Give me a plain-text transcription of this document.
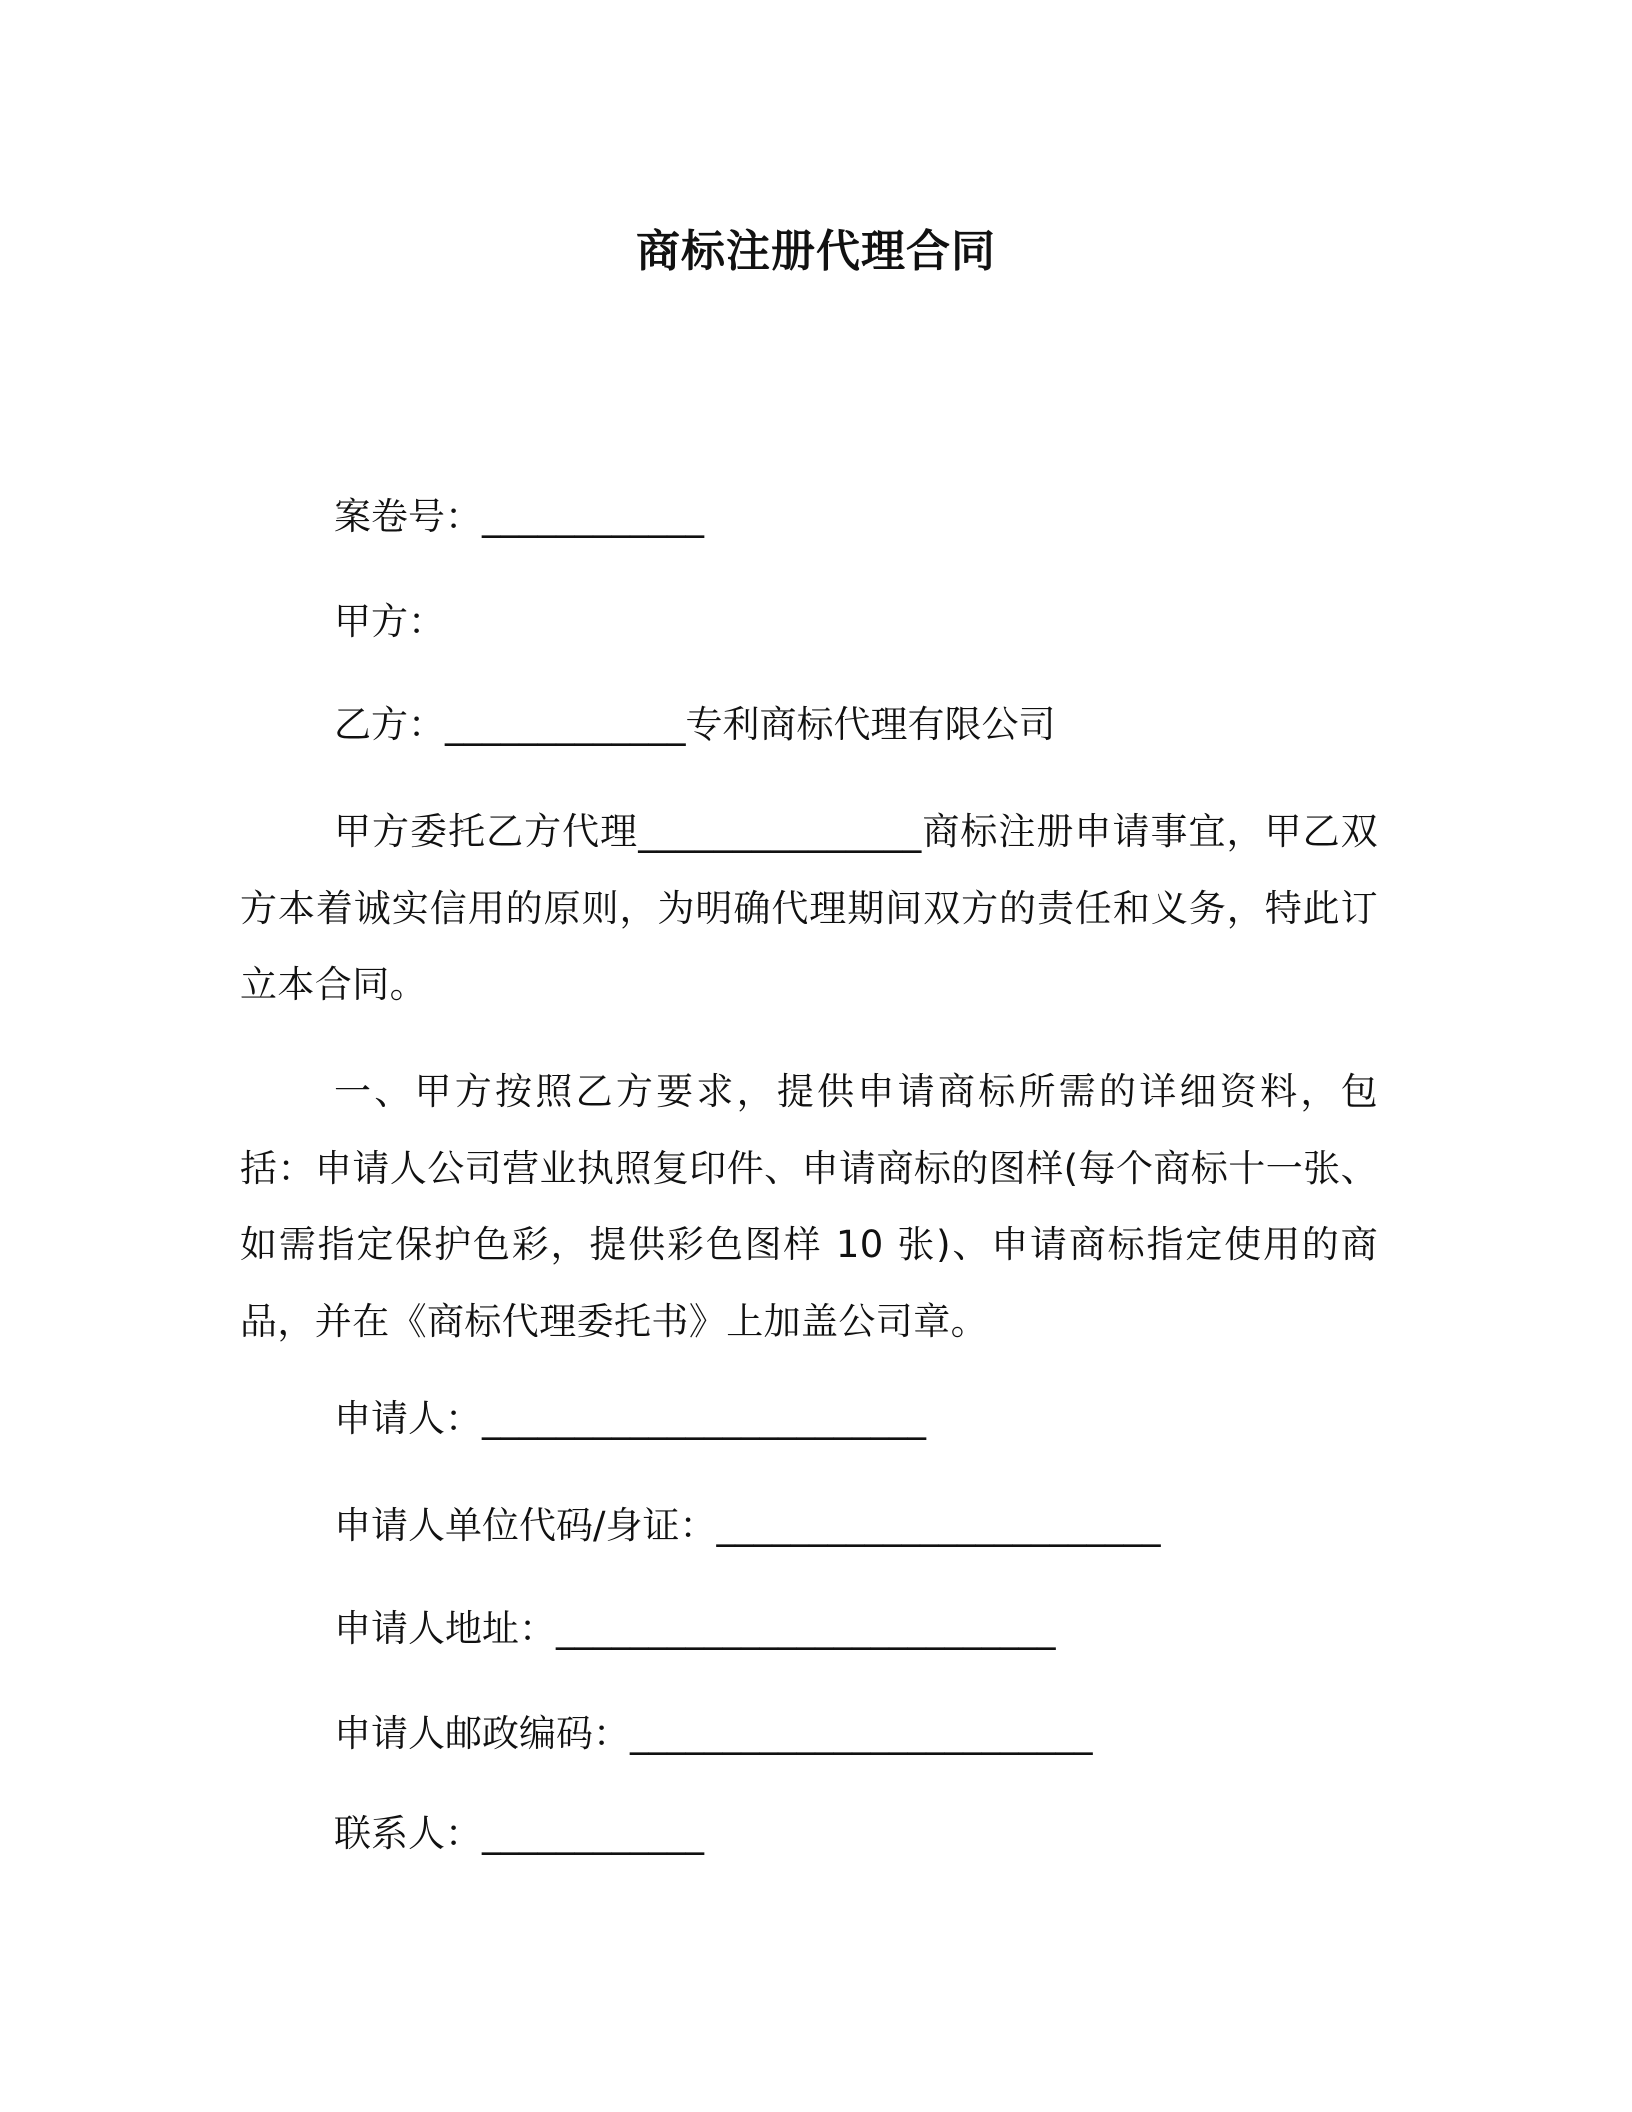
商标注册代理合同
案卷号：____________
甲方：
乙方：_____________专利商标代理有限公司
甲方委托乙方代理_______________商标注册申请事宜，甲乙双方本着诚实信用的原则，为明确代理期间双方的责任和义务，特此订立本合同。
一、甲方按照乙方要求，提供申请商标所需的详细资料，包括：申请人公司营业执照复印件、申请商标的图样(每个商标十一张、如需指定保护色彩，提供彩色图样 10 张)、申请商标指定使用的商品，并在《商标代理委托书》上加盖公司章。
申请人：________________________
申请人单位代码/身证：________________________
申请人地址：___________________________
申请人邮政编码：_________________________
联系人：____________
